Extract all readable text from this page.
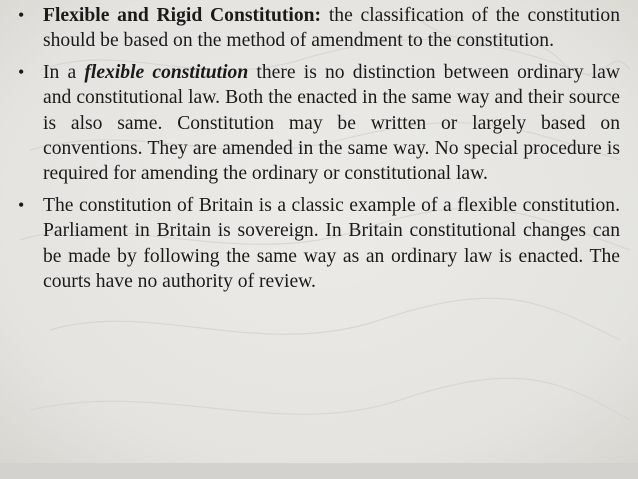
• Flexible and Rigid Constitution: the classification of the constitution should be based on the method of amendment to the constitution.
• In a flexible constitution there is no distinction between ordinary law and constitutional law. Both the enacted in the same way and their source is also same. Constitution may be written or largely based on conventions. They are amended in the same way. No special procedure is required for amending the ordinary or constitutional law.
• The constitution of Britain is a classic example of a flexible constitution. Parliament in Britain is sovereign. In Britain constitutional changes can be made by following the same way as an ordinary law is enacted. The courts have no authority of review.
